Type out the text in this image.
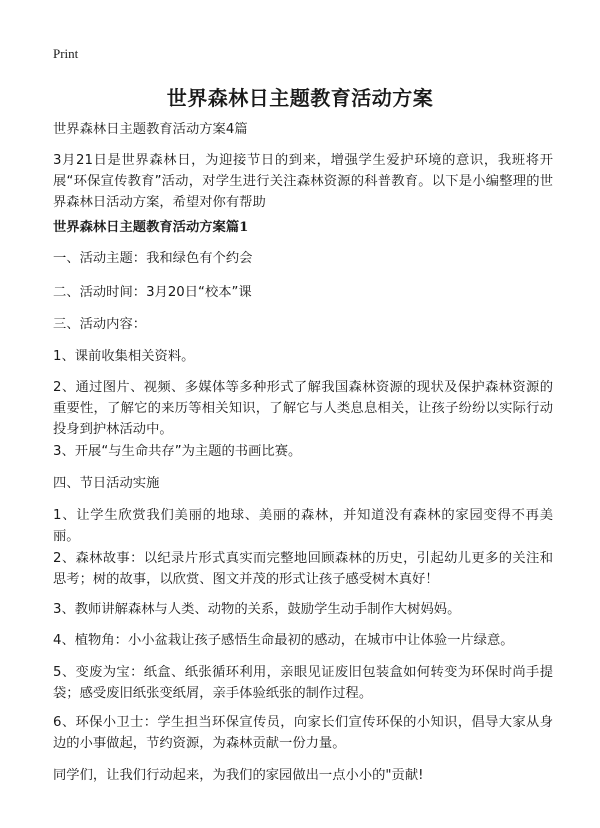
Print
世界森林日主题教育活动方案

世界森林日主题教育活动方案4篇

3月21日是世界森林日，为迎接节日的到来，增强学生爱护环境的意识，我班将开展“环保宣传教育”活动，对学生进行关注森林资源的科普教育。以下是小编整理的世界森林日活动方案，希望对你有帮助

世界森林日主题教育活动方案篇1

一、活动主题：我和绿色有个约会

二、活动时间：3月20日“校本”课

三、活动内容：

1、课前收集相关资料。

2、通过图片、视频、多媒体等多种形式了解我国森林资源的现状及保护森林资源的重要性，了解它的来历等相关知识，了解它与人类息息相关，让孩子纷纷以实际行动投身到护林活动中。

3、开展“与生命共存”为主题的书画比赛。

四、节日活动实施

1、让学生欣赏我们美丽的地球、美丽的森林，并知道没有森林的家园变得不再美丽。

2、森林故事：以纪录片形式真实而完整地回顾森林的历史，引起幼儿更多的关注和思考；树的故事，以欣赏、图文并茂的形式让孩子感受树木真好！

3、教师讲解森林与人类、动物的关系，鼓励学生动手制作大树妈妈。

4、植物角：小小盆栽让孩子感悟生命最初的感动，在城市中让体验一片绿意。

5、变废为宝：纸盒、纸张循环利用，亲眼见证废旧包装盒如何转变为环保时尚手提袋；感受废旧纸张变纸屑，亲手体验纸张的制作过程。

6、环保小卫士：学生担当环保宣传员，向家长们宣传环保的小知识，倡导大家从身边的小事做起，节约资源，为森林贡献一份力量。

同学们，让我们行动起来，为我们的家园做出一点小小的"贡献!
